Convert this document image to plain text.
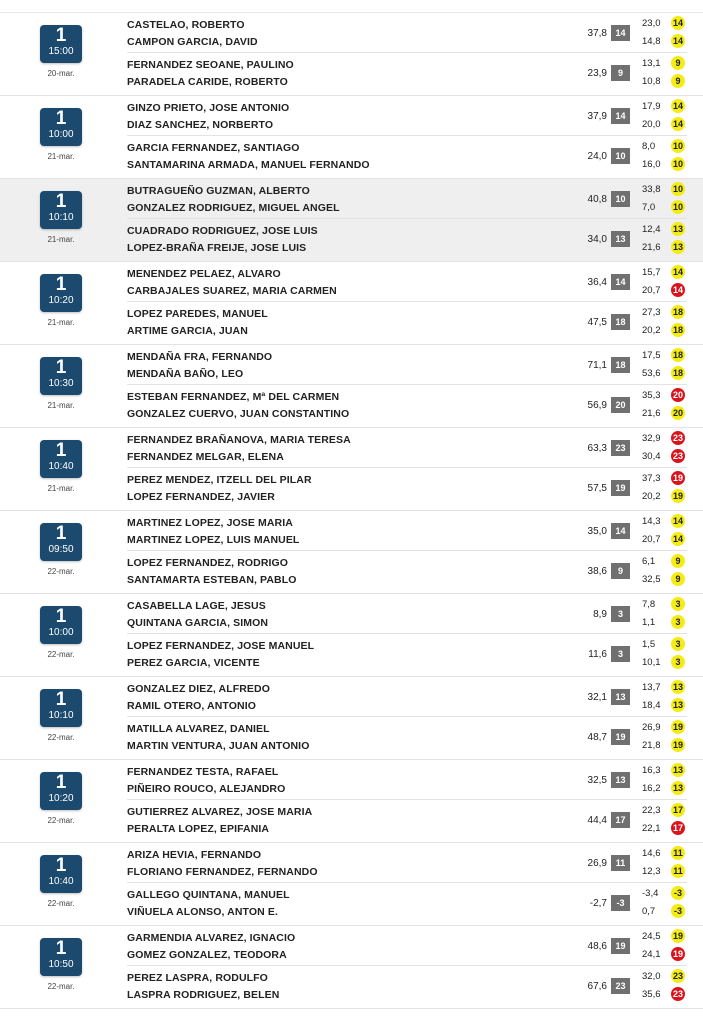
1
15:00
20-mar.
CASTELAO, ROBERTO	23,0	14
CAMPON GARCIA, DAVID	14,8	14
37,8 14
FERNANDEZ SEOANE, PAULINO	13,1	9
PARADELA CARIDE, ROBERTO	10,8	9
23,9	9
1
10:00
21-mar.
GINZO PRIETO, JOSE ANTONIO	17,9	14
DIAZ SANCHEZ, NORBERTO	20,0	14
37,9 14
GARCIA FERNANDEZ, SANTIAGO	8,0	10
SANTAMARINA ARMADA, MANUEL FERNANDO	16,0	10
24,0 10
1
10:10
21-mar.
BUTRAGUEÑO GUZMAN, ALBERTO	33,8	10
GONZALEZ RODRIGUEZ, MIGUEL ANGEL	7,0	10
40,8 10
CUADRADO RODRIGUEZ, JOSE LUIS	12,4	13
LOPEZ-BRAÑA FREIJE, JOSE LUIS	21,6	13
34,0 13
1
10:20
21-mar.
MENENDEZ PELAEZ, ALVARO	15,7	14
CARBAJALES SUAREZ, MARIA CARMEN	20,7	14
36,4 14
LOPEZ PAREDES, MANUEL	27,3	18
ARTIME GARCIA, JUAN	20,2	18
47,5 18
1
10:30
21-mar.
MENDAÑA FRA, FERNANDO	17,5	18
MENDAÑA BAÑO, LEO	53,6	18
71,1 18
ESTEBAN FERNANDEZ, Mª DEL CARMEN	35,3	20
GONZALEZ CUERVO, JUAN CONSTANTINO	21,6	20
56,9 20
1
10:40
21-mar.
FERNANDEZ BRAÑANOVA, MARIA TERESA	32,9	23
FERNANDEZ MELGAR, ELENA	30,4	23
63,3 23
PEREZ MENDEZ, ITZELL DEL PILAR	37,3	19
LOPEZ FERNANDEZ, JAVIER	20,2	19
57,5 19
1
09:50
22-mar.
MARTINEZ LOPEZ, JOSE MARIA	14,3	14
MARTINEZ LOPEZ, LUIS MANUEL	20,7	14
35,0 14
LOPEZ FERNANDEZ, RODRIGO	6,1	9
SANTAMARTA ESTEBAN, PABLO	32,5	9
38,6	9
1
10:00
22-mar.
CASABELLA LAGE, JESUS	7,8	3
QUINTANA GARCIA, SIMON	1,1	3
8,9	3
LOPEZ FERNANDEZ, JOSE MANUEL	1,5	3
PEREZ GARCIA, VICENTE	10,1	3
11,6	3
1
10:10
22-mar.
GONZALEZ DIEZ, ALFREDO	13,7	13
RAMIL OTERO, ANTONIO	18,4	13
32,1 13
MATILLA ALVAREZ, DANIEL	26,9	19
MARTIN VENTURA, JUAN ANTONIO	21,8	19
48,7 19
1
10:20
22-mar.
FERNANDEZ TESTA, RAFAEL	16,3	13
PIÑEIRO ROUCO, ALEJANDRO	16,2	13
32,5 13
GUTIERREZ ALVAREZ, JOSE MARIA	22,3	17
PERALTA LOPEZ, EPIFANIA	22,1	17
44,4 17
1
10:40
22-mar.
ARIZA HEVIA, FERNANDO	14,6	11
FLORIANO FERNANDEZ, FERNANDO	12,3	11
26,9 11
GALLEGO QUINTANA, MANUEL	-3,4	-3
VIÑUELA ALONSO, ANTON E.	0,7	-3
-2,7	-3
1
10:50
22-mar.
GARMENDIA ALVAREZ, IGNACIO	24,5	19
GOMEZ GONZALEZ, TEODORA	24,1	19
48,6 19
PEREZ LASPRA, RODULFO	32,0	23
LASPRA RODRIGUEZ, BELEN	35,6	23
67,6 23
